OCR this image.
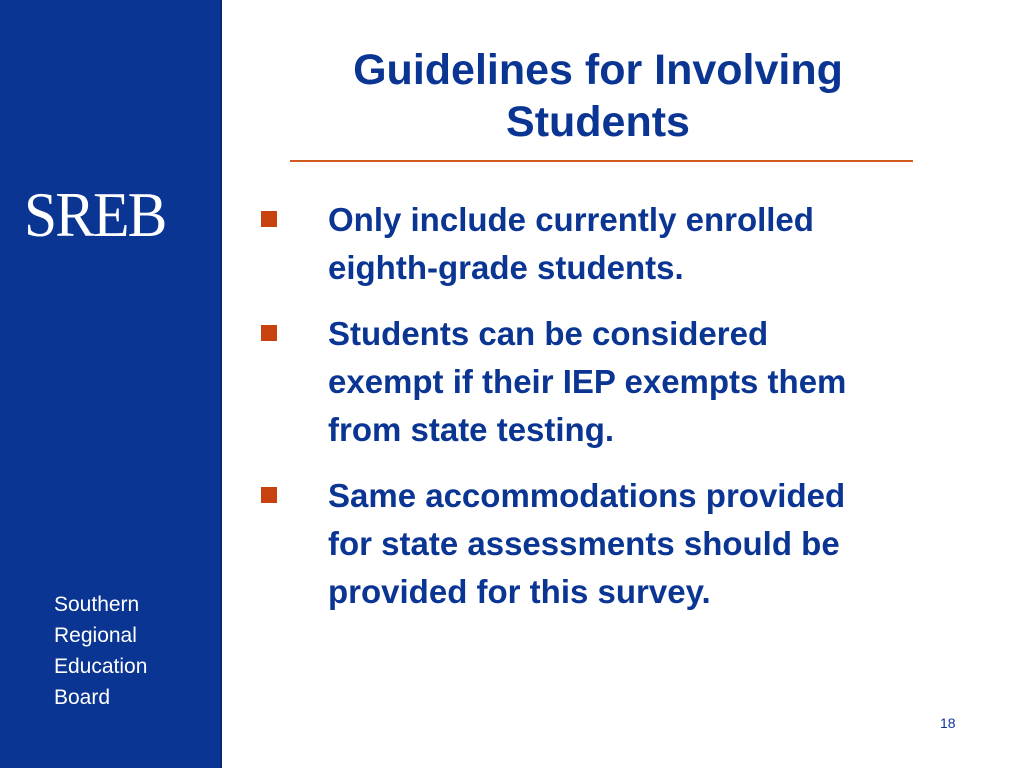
SREB
Southern
Regional
Education
Board
Guidelines for Involving
Students
Only include currently enrolled
eighth-grade students.
Students can be considered
exempt if their IEP exempts them
from state testing.
Same accommodations provided
for state assessments should be
provided for this survey.
18
